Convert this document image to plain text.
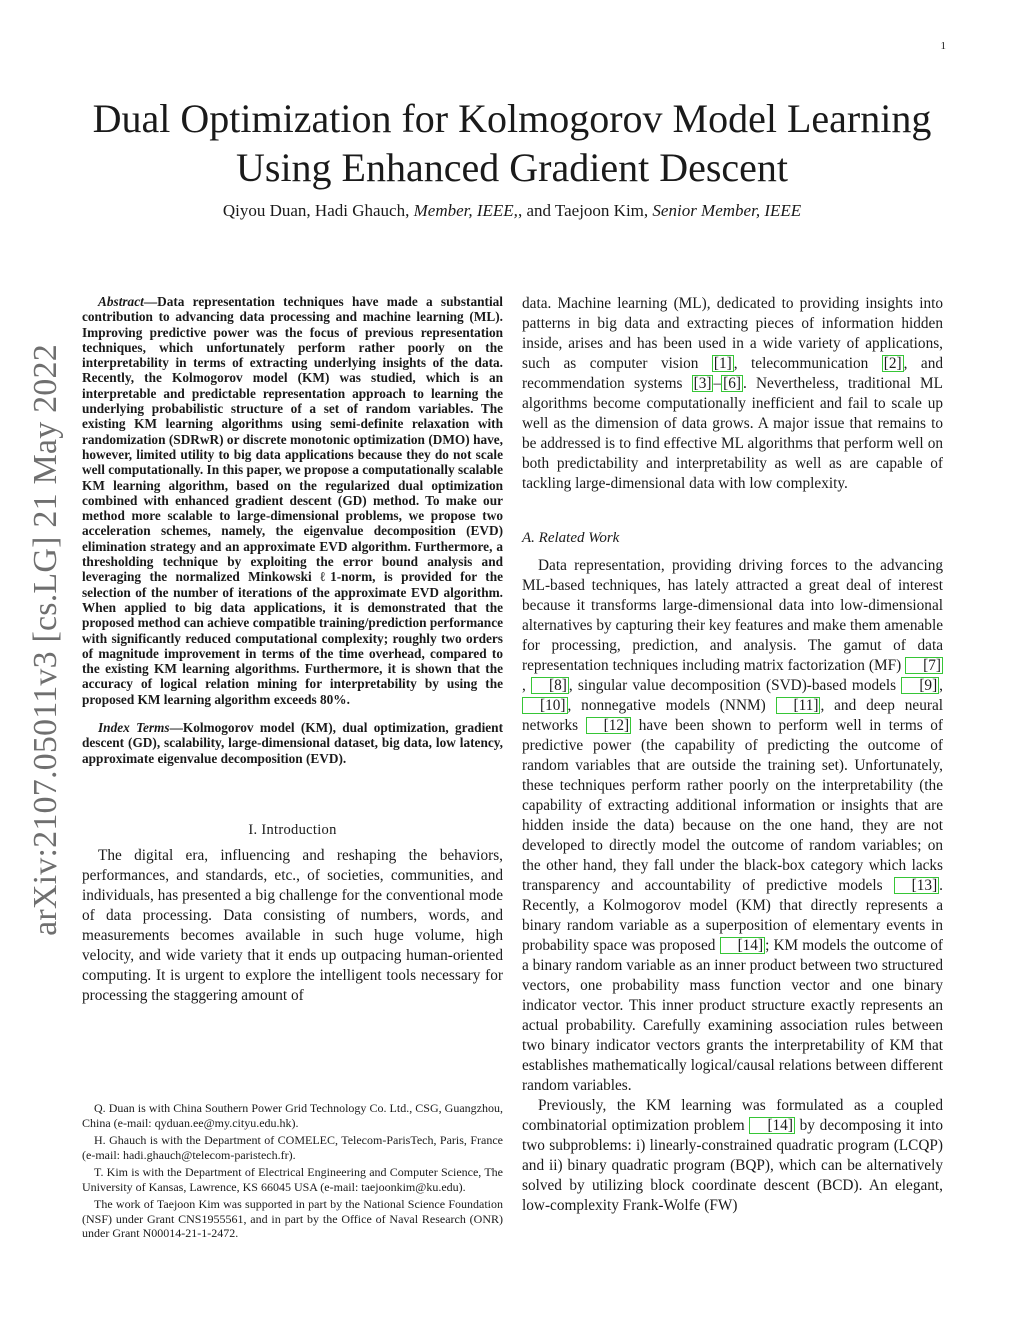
1
arXiv:2107.05011v3 [cs.LG] 21 May 2022
Dual Optimization for Kolmogorov Model Learning Using Enhanced Gradient Descent
Qiyou Duan, Hadi Ghauch, Member, IEEE,, and Taejoon Kim, Senior Member, IEEE

Abstract—Data representation techniques have made a substantial contribution to advancing data processing and machine learning (ML). Improving predictive power was the focus of previous representation techniques, which unfortunately perform rather poorly on the interpretability in terms of extracting underlying insights of the data. Recently, the Kolmogorov model (KM) was studied, which is an interpretable and predictable representation approach to learning the underlying probabilistic structure of a set of random variables. The existing KM learning algorithms using semi-definite relaxation with randomization (SDRwR) or discrete monotonic optimization (DMO) have, however, limited utility to big data applications because they do not scale well computationally. In this paper, we propose a computationally scalable KM learning algorithm, based on the regularized dual optimization combined with enhanced gradient descent (GD) method. To make our method more scalable to large-dimensional problems, we propose two acceleration schemes, namely, the eigenvalue decomposition (EVD) elimination strategy and an approximate EVD algorithm. Furthermore, a thresholding technique by exploiting the error bound analysis and leveraging the normalized Minkowski ℓ1-norm, is provided for the selection of the number of iterations of the approximate EVD algorithm. When applied to big data applications, it is demonstrated that the proposed method can achieve compatible training/prediction performance with significantly reduced computational complexity; roughly two orders of magnitude improvement in terms of the time overhead, compared to the existing KM learning algorithms. Furthermore, it is shown that the accuracy of logical relation mining for interpretability by using the proposed KM learning algorithm exceeds 80%.

Index Terms—Kolmogorov model (KM), dual optimization, gradient descent (GD), scalability, large-dimensional dataset, big data, low latency, approximate eigenvalue decomposition (EVD).

I. Introduction

The digital era, influencing and reshaping the behaviors, performances, and standards, etc., of societies, communities, and individuals, has presented a big challenge for the conventional mode of data processing. Data consisting of numbers, words, and measurements becomes available in such huge volume, high velocity, and wide variety that it ends up outpacing human-oriented computing. It is urgent to explore the intelligent tools necessary for processing the staggering amount of

Q. Duan is with China Southern Power Grid Technology Co. Ltd., CSG, Guangzhou, China (e-mail: qyduan.ee@my.cityu.edu.hk).

H. Ghauch is with the Department of COMELEC, Telecom-ParisTech, Paris, France (e-mail: hadi.ghauch@telecom-paristech.fr).

T. Kim is with the Department of Electrical Engineering and Computer Science, The University of Kansas, Lawrence, KS 66045 USA (e-mail: taejoonkim@ku.edu).

The work of Taejoon Kim was supported in part by the National Science Foundation (NSF) under Grant CNS1955561, and in part by the Office of Naval Research (ONR) under Grant N00014-21-1-2472.

data. Machine learning (ML), dedicated to providing insights into patterns in big data and extracting pieces of information hidden inside, arises and has been used in a wide variety of applications, such as computer vision [1] , telecommunication [2] , and recommendation systems [3] – [6] . Nevertheless, traditional ML algorithms become computationally inefficient and fail to scale up well as the dimension of data grows. A major issue that remains to be addressed is to find effective ML algorithms that perform well on both predictability and interpretability as well as are capable of tackling large-dimensional data with low complexity.

A. Related Work

Data representation, providing driving forces to the advancing ML-based techniques, has lately attracted a great deal of interest because it transforms large-dimensional data into low-dimensional alternatives by capturing their key features and make them amenable for processing, prediction, and analysis. The gamut of data representation techniques including matrix factorization (MF) [7], [8] , singular value decomposition (SVD)-based models [9] , [10] , nonnegative models (NNM) [11] , and deep neural networks [12] have been shown to perform well in terms of predictive power (the capability of predicting the outcome of random variables that are outside the training set). Unfortunately, these techniques perform rather poorly on the interpretability (the capability of extracting additional information or insights that are hidden inside the data) because on the one hand, they are not developed to directly model the outcome of random variables; on the other hand, they fall under the black-box category which lacks transparency and accountability of predictive models [13] . Recently, a Kolmogorov model (KM) that directly represents a binary random variable as a superposition of elementary events in probability space was proposed [14] ; KM models the outcome of a binary random variable as an inner product between two structured vectors, one probability mass function vector and one binary indicator vector. This inner product structure exactly represents an actual probability. Carefully examining association rules between two binary indicator vectors grants the interpretability of KM that establishes mathematically logical/causal relations between different random variables.

Previously, the KM learning was formulated as a coupled combinatorial optimization problem [14] by decomposing it into two subproblems: i) linearly-constrained quadratic program (LCQP) and ii) binary quadratic program (BQP), which can be alternatively solved by utilizing block coordinate descent (BCD). An elegant, low-complexity Frank-Wolfe (FW)
